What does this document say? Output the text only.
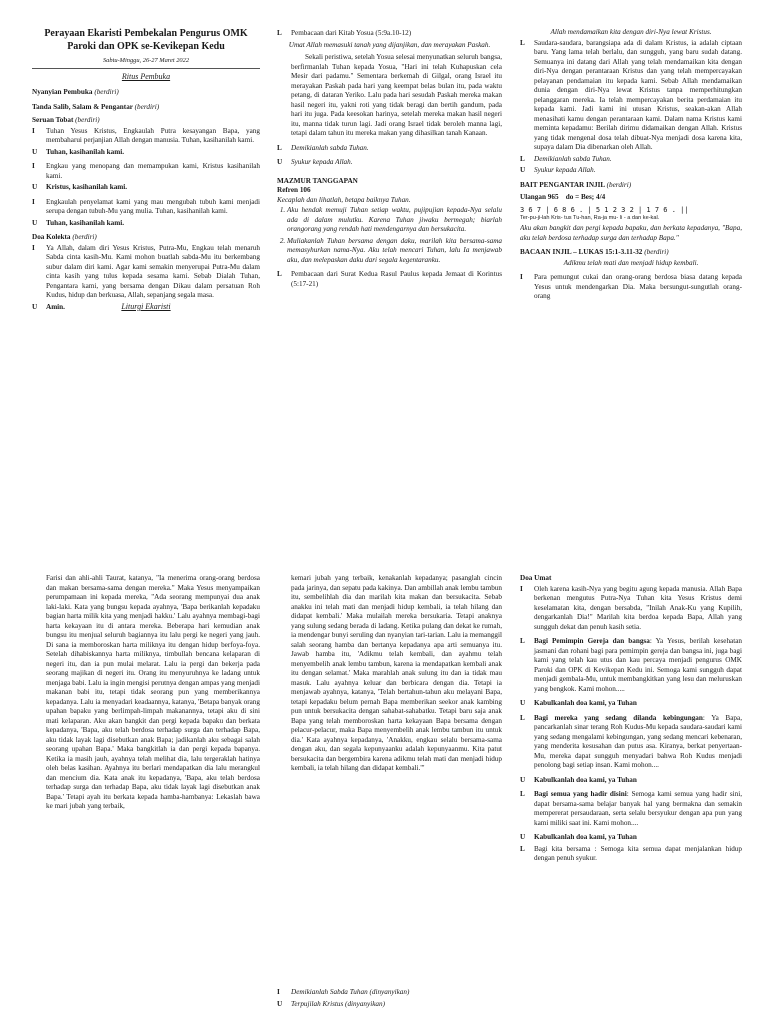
Perayaan Ekaristi Pembekalan Pengurus OMK Paroki dan OPK se-Kevikepan Kedu

Sabtu-Minggu, 26-27 Maret 2022

Ritus Pembuka

Nyanyian Pembuka (berdiri)

Tanda Salib, Salam & Pengantar (berdiri)

Seruan Tobat (berdiri)

I	Tuhan Yesus Kristus, Engkaulah Putra kesayangan Bapa, yang membaharui perjanjian Allah dengan manusia. Tuhan, kasihanilah kami.
U	Tuhan, kasihanilah kami.
I	Engkau yang menopang dan memampukan kami, Kristus kasihanilah kami.
U	Kristus, kasihanilah kami.
I	Engkaulah penyelamat kami yang mau mengubah tubuh kami menjadi serupa dengan tubuh-Mu yang mulia. Tuhan, kasihanilah kami.
U	Tuhan, kasihanilah kami.

Doa Kolekta (berdiri)

I	Ya Allah, dalam diri Yesus Kristus, Putra-Mu, Engkau telah menaruh Sabda cinta kasih-Mu. Kami mohon buatlah sabda-Mu itu berkembang subur dalam diri kami. Agar kami semakin menyerupai Putra-Mu dalam cinta kasih yang tulus kepada sesama kami. Sebab Dialah Tuhan, Pengantara kami, yang bersama dengan Dikau dalam persatuan Roh Kudus, hidup dan berkuasa, Allah, sepanjang segala masa.
U	Amin.	Liturgi Ekaristi

L	Pembacaan dari Kitab Yosua (5:9a.10-12)

Umat Allah memasuki tanah yang dijanjikan, dan merayakan Paskah.

Sekali peristiwa, setelah Yosua selesai menyunatkan seluruh bangsa, berfirmanlah Tuhan kepada Yosua, "Hari ini telah Kuhapuskan cela Mesir dari padamu." Sementara berkemah di Gilgal, orang Israel itu merayakan Paskah pada hari yang keempat belas bulan itu, pada waktu petang, di dataran Yeriko. Lalu pada hari sesudah Paskah mereka makan hasil negeri itu, yakni roti yang tidak beragi dan bertih gandum, pada hari itu juga. Pada keesokan harinya, setelah mereka makan hasil negeri itu, manna tidak turun lagi. Jadi orang Israel tidak beroleh manna lagi, tetapi dalam tahun itu mereka makan yang dihasilkan tanah Kanaan.

L	Demikianlah sabda Tuhan.
U	Syukur kepada Allah.

MAZMUR TANGGAPAN

Refren 106

Kecaplah dan lihatlah, betapa baiknya Tuhan.

1. Aku hendak memuji Tuhan setiap waktu, pujipujian kepada-Nya selalu ada di dalam mulutku. Karena Tuhan jiwaku bermegah; biarlah orangorang yang rendah hati mendengarnya dan bersukacita.
2. Muliakanlah Tuhan bersama dengan daku, marilah kita bersama-sama memasyhurkan nama-Nya. Aku telah mencari Tuhan, lalu Ia menjawab aku, dan melepaskan daku dari segala kegentaranku.
L	Pembacaan dari Surat Kedua Rasul Paulus kepada Jemaat di Korintus (5:17-21)

Allah mendamaikan kita dengan diri-Nya lewat Kristus.

L	Saudara-saudara, barangsiapa ada di dalam Kristus, ia adalah ciptaan baru. Yang lama telah berlalu, dan sungguh, yang baru sudah datang. Semuanya ini datang dari Allah yang telah mendamaikan kita dengan diri-Nya dengan perantaraan Kristus dan yang telah mempercayakan pelayanan pendamaian itu kepada kami. Sebab Allah mendamaikan dunia dengan diri-Nya lewat Kristus tanpa memperhitungkan pelanggaran mereka. Ia telah mempercayakan berita perdamaian itu kepada kami. Jadi kami ini utusan Kristus, seakan-akan Allah menasihati kamu dengan perantaraan kami. Dalam nama Kristus kami meminta kepadamu: Berilah dirimu didamaikan dengan Allah. Kristus yang tidak mengenal dosa telah dibuat-Nya menjadi dosa karena kita, supaya dalam Dia dibenarkan oleh Allah.
L	Demikianlah sabda Tuhan.
U	Syukur kepada Allah.

BAIT PENGANTAR INJIL (berdiri)

Ulangan 965 do = Bes; 4/4

3 6 7 | 6 8 6 . | 5 1 2 3 2 | 1 7 6 . ||

Ter-pu-ji-lah Kris- tus Tu-han, Ra-ja mu- li - a dan ke-kal.

Aku akan bangkit dan pergi kepada bapaku, dan berkata kepadanya, "Bapa, aku telah berdosa terhadap surga dan terhadap Bapa."

BACAAN INJIL – LUKAS 15:1-3.11-32 (berdiri)

Adikmu telah mati dan menjadi hidup kembali.

I	Para pemungut cukai dan orang-orang berdosa biasa datang kepada Yesus untuk mendengarkan Dia. Maka bersungut-sungutlah orang-orang

Farisi dan ahli-ahli Taurat, katanya, "Ia menerima orang-orang berdosa dan makan bersama-sama dengan mereka." Maka Yesus menyampaikan perumpamaan ini kepada mereka, "Ada seorang mempunyai dua anak laki-laki. Kata yang bungsu kepada ayahnya, 'Bapa berikanlah kepadaku bagian harta milik kita yang menjadi hakku.' Lalu ayahnya membagi-bagi harta kekayaan itu di antara mereka. Beberapa hari kemudian anak bungsu itu menjual seluruh bagiannya itu lalu pergi ke negeri yang jauh. Di sana ia memboroskan harta miliknya itu dengan hidup berfoya-foya. Setelah dihabiskannya harta miliknya, timbullah bencana kelaparan di negeri itu, dan ia pun mulai melarat. Lalu ia pergi dan bekerja pada seorang majikan di negeri itu. Orang itu menyuruhnya ke ladang untuk menjaga babi. Lalu ia ingin mengisi perutnya dengan ampas yang menjadi makanan babi itu, tetapi tidak seorang pun yang memberikannya kepadanya. Lalu ia menyadari keadaannya, katanya, 'Betapa banyak orang upahan bapaku yang berlimpah-limpah makanannya, tetapi aku di sini mati kelaparan. Aku akan bangkit dan pergi kepada bapaku dan berkata kepadanya, 'Bapa, aku telah berdosa terhadap surga dan terhadap Bapa, aku tidak layak lagi disebutkan anak Bapa; jadikanlah aku sebagai salah seorang upahan Bapa.' Maka bangkitlah ia dan pergi kepada bapanya. Ketika ia masih jauh, ayahnya telah melihat dia, lalu tergeraklah hatinya oleh belas kasihan. Ayahnya itu berlari mendapatkan dia lalu merangkul dan mencium dia. Kata anak itu kepadanya, 'Bapa, aku telah berdosa terhadap surga dan terhadap Bapa, aku tidak layak lagi disebutkan anak Bapa.' Tetapi ayah itu berkata kepada hamba-hambanya: Lekaslah bawa ke mari jubah yang terbaik,

kemari jubah yang terbaik, kenakanlah kepadanya; pasanglah cincin pada jarinya, dan sepatu pada kakinya. Dan ambillah anak lembu tambun itu, sembelihlah dia dan marilah kita makan dan bersukacita. Sebab anakku ini telah mati dan menjadi hidup kembali, ia telah hilang dan didapat kembali.' Maka mulailah mereka bersukaria. Tetapi anaknya yang sulung sedang berada di ladang. Ketika pulang dan dekat ke rumah, ia mendengar bunyi seruling dan nyanyian tari-tarian. Lalu ia memanggil salah seorang hamba dan bertanya kepadanya apa arti semuanya itu. Jawab hamba itu, 'Adikmu telah kembali, dan ayahmu telah menyembelih anak lembu tambun, karena ia mendapatkan kembali anak itu dengan selamat.' Maka marahlah anak sulung itu dan ia tidak mau masuk. Lalu ayahnya keluar dan berbicara dengan dia. Tetapi ia menjawab ayahnya, katanya, 'Telah bertahun-tahun aku melayani Bapa, tetapi kepadaku belum pernah Bapa memberikan seekor anak kambing pun untuk bersukacita dengan sahabat-sahabatku. Tetapi baru saja anak Bapa yang telah memboroskan harta kekayaan Bapa bersama dengan pelacur-pelacur, maka Bapa menyembelih anak lembu tambun itu untuk dia.' Kata ayahnya kepadanya, 'Anakku, engkau selalu bersama-sama dengan aku, dan segala kepunyaanku adalah kepunyaanmu. Kita patut bersukacita dan bergembira karena adikmu telah mati dan menjadi hidup kembali, ia telah hilang dan didapat kembali.'"

I	Demikianlah Sabda Tuhan (dinyanyikan)
U	Terpujilah Kristus (dinyanyikan)

Doa Umat

I	Oleh karena kasih-Nya yang begitu agung kepada manusia. Allah Bapa berkenan mengutus Putra-Nya Tuhan kita Yesus Kristus demi keselamatan kita, dengan bersabda, "Inilah Anak-Ku yang Kupilih, dengarkanlah Dia!" Marilah kita berdoa kepada Bapa, Allah yang sungguh dekat dan penuh kasih setia.
L	Bagi Pemimpin Gereja dan bangsa: Ya Yesus, berilah kesehatan jasmani dan rohani bagi para pemimpin gereja dan bangsa ini, juga bagi kami yang telah kau utus dan kau percaya menjadi pengurus OMK Paroki dan OPK di Kevikepan Kedu ini. Semoga kami sungguh dapat menjadi gembala-Mu, untuk membangkitkan yang lesu dan meluruskan yang bengkok. Kami mohon.....
U	Kabulkanlah doa kami, ya Tuhan
L	Bagi mereka yang sedang dilanda kebingungan: Ya Bapa, pancarkanlah sinar terang Roh Kudus-Mu kepada saudara-saudari kami yang sedang mengalami kebingungan, yang sedang mencari kebenaran, yang menderita kesusahan dan putus asa. Kiranya, berkat penyertaan-Mu, mereka dapat sungguh menyadari bahwa Roh Kudus menjadi penolong bagi setiap insan. Kami mohon....
U	Kabulkanlah doa kami, ya Tuhan
L	Bagi semua yang hadir disini: Semoga kami semua yang hadir sini, dapat bersama-sama belajar banyak hal yang bermakna dan semakin mempererat persaudaraan, serta selalu bersyukur dengan apa pun yang kami miliki saat ini. Kami mohon....
U	Kabulkanlah doa kami, ya Tuhan
L	Bagi kita bersama : Semoga kita semua dapat menjalankan hidup dengan penuh syukur.
